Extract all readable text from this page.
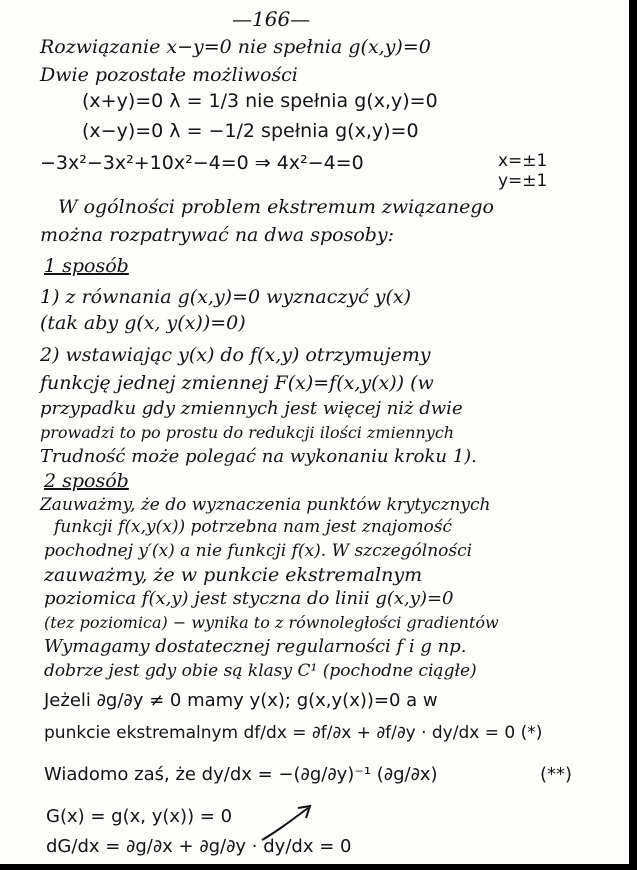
—166—
Rozwiązanie x−y=0 nie spełnia g(x,y)=0
Dwie pozostałe możliwości
(x+y)=0 λ = 1/3 nie spełnia g(x,y)=0
(x−y)=0 λ = −1/2 spełnia g(x,y)=0
−3x²−3x²+10x²−4=0 ⇒ 4x²−4=0	x=±1
y=±1
W ogólności problem ekstremum związanego
można rozpatrywać na dwa sposoby:
1 sposób
1) z równania g(x,y)=0 wyznaczyć y(x)
(tak aby g(x, y(x))=0)
2) wstawiając y(x) do f(x,y) otrzymujemy
funkcję jednej zmiennej F(x)=f(x,y(x)) (w
przypadku gdy zmiennych jest więcej niż dwie
prowadzi to po prostu do redukcji ilości zmiennych
Trudność może polegać na wykonaniu kroku 1).
2 sposób
Zauważmy, że do wyznaczenia punktów krytycznych
funkcji f(x,y(x)) potrzebna nam jest znajomość
pochodnej y′(x) a nie funkcji f(x). W szczególności
zauważmy, że w punkcie ekstremalnym
poziomica f(x,y) jest styczna do linii g(x,y)=0
(tez poziomica) − wynika to z równoległości gradientów
Wymagamy dostatecznej regularności f i g np.
dobrze jest gdy obie są klasy C¹ (pochodne ciągłe)
Jeżeli ∂g/∂y ≠ 0 mamy y(x); g(x,y(x))=0 a w
punkcie ekstremalnym df/dx = ∂f/∂x + ∂f/∂y · dy/dx = 0 (*)
Wiadomo zaś, że dy/dx = −(∂g/∂y)⁻¹ (∂g/∂x)	(**)
G(x) = g(x, y(x)) = 0
dG/dx = ∂g/∂x + ∂g/∂y · dy/dx = 0
